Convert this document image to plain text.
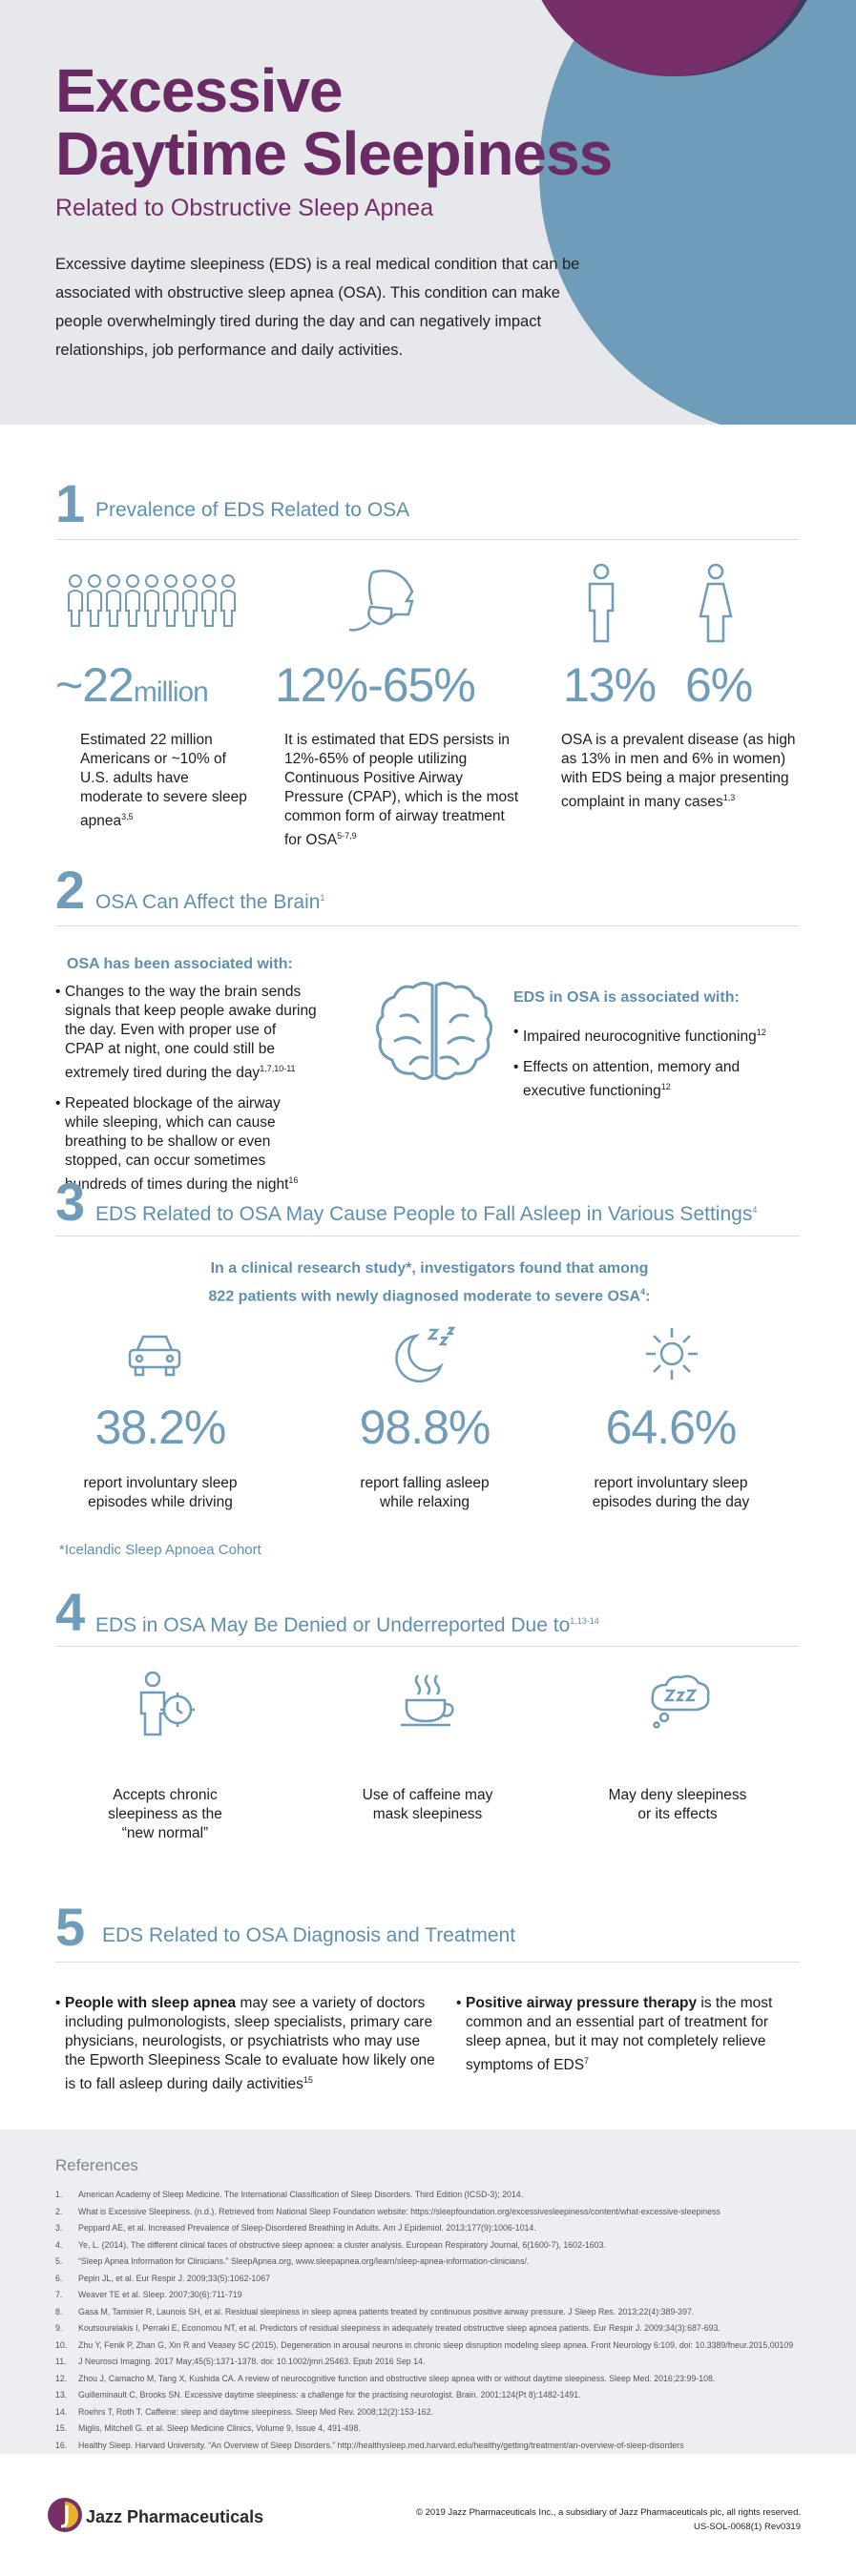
Excessive
Daytime Sleepiness
Related to Obstructive Sleep Apnea

Excessive daytime sleepiness (EDS) is a real medical condition that can be associated with obstructive sleep apnea (OSA). This condition can make people overwhelmingly tired during the day and can negatively impact relationships, job performance and daily activities.

1 Prevalence of EDS Related to OSA
~22million
Estimated 22 million Americans or ~10% of U.S. adults have moderate to severe sleep apnea$^{3,5}$
12%-65%
It is estimated that EDS persists in 12%-65% of people utilizing Continuous Positive Airway Pressure (CPAP), which is the most common form of airway treatment for OSA$^{5-7,9}$
13% 6%
OSA is a prevalent disease (as high as 13% in men and 6% in women) with EDS being a major presenting complaint in many cases$^{1,3}$
2 OSA Can Affect the Brain$^1$
OSA has been associated with:
• Changes to the way the brain sends signals that keep people awake during the day. Even with proper use of CPAP at night, one could still be extremely tired during the day$^{1,7,10-11}$
• Repeated blockage of the airway while sleeping, which can cause breathing to be shallow or even stopped, can occur sometimes hundreds of times during the night$^{16}$
EDS in OSA is associated with:
• Impaired neurocognitive functioning$^{12}$
• Effects on attention, memory and executive functioning$^{12}$
3 EDS Related to OSA May Cause People to Fall Asleep in Various Settings$^4$
In a clinical research study*, investigators found that among
822 patients with newly diagnosed moderate to severe OSA$^4$:
38.2%	98.8%	64.6%
report involuntary sleep episodes while driving
report falling asleep while relaxing
report involuntary sleep episodes during the day
*Icelandic Sleep Apnoea Cohort
4 EDS in OSA May Be Denied or Underreported Due to$^{1,13-14}$
Accepts chronic sleepiness as the “new normal”
Use of caffeine may mask sleepiness
May deny sleepiness or its effects
5 EDS Related to OSA Diagnosis and Treatment
• People with sleep apnea may see a variety of doctors including pulmonologists, sleep specialists, primary care physicians, neurologists, or psychiatrists who may use the Epworth Sleepiness Scale to evaluate how likely one is to fall asleep during daily activities$^{15}$
• Positive airway pressure therapy is the most common and an essential part of treatment for sleep apnea, but it may not completely relieve symptoms of EDS$^7$
References
1. American Academy of Sleep Medicine. The International Classification of Sleep Disorders. Third Edition (ICSD-3); 2014.
2. What is Excessive Sleepiness. (n.d.). Retrieved from National Sleep Foundation website: https://sleepfoundation.org/excessivesleepiness/content/what-excessive-sleepiness
3. Peppard AE, et al. Increased Prevalence of Sleep-Disordered Breathing in Adults. Am J Epidemiol. 2013;177(9):1006-1014.
4. Ye, L. (2014). The different clinical faces of obstructive sleep apnoea: a cluster analysis. European Respiratory Journal, 6(1600-7), 1602-1603.
5. “Sleep Apnea Information for Clinicians.” SleepApnea.org, www.sleepapnea.org/learn/sleep-apnea-information-clinicians/.
6. Pepin JL, et al. Eur Respir J. 2009;33(5):1062-1067
7. Weaver TE et al. Sleep. 2007;30(6):711-719
8. Gasa M, Tamisier R, Launois SH, et al. Residual sleepiness in sleep apnea patients treated by continuous positive airway pressure. J Sleep Res. 2013;22(4):389-397.
9. Koutsourelakis I, Perraki E, Economou NT, et al. Predictors of residual sleepiness in adequately treated obstructive sleep apnoea patients. Eur Respir J. 2009;34(3):687-693.
10. Zhu Y, Fenik P, Zhan G, Xin R and Veasey SC (2015). Degeneration in arousal neurons in chronic sleep disruption modeling sleep apnea. Front Neurology 6:109. doi: 10.3389/fneur.2015.00109
11. J Neurosci Imaging. 2017 May;45(5):1371-1378. doi: 10.1002/jmri.25463. Epub 2016 Sep 14.
12. Zhou J, Camacho M, Tang X, Kushida CA. A review of neurocognitive function and obstructive sleep apnea with or without daytime sleepiness. Sleep Med. 2016;23:99-108.
13. Guilleminault C, Brooks SN. Excessive daytime sleepiness: a challenge for the practising neurologist. Brain. 2001;124(Pt 8):1482-1491.
14. Roehrs T, Roth T. Caffeine: sleep and daytime sleepiness. Sleep Med Rev. 2008;12(2):153-162.
15. Miglis, Mitchell G. et al. Sleep Medicine Clinics, Volume 9, Issue 4, 491-498.
16. Healthy Sleep. Harvard University. “An Overview of Sleep Disorders.” http://healthysleep.med.harvard.edu/healthy/getting/treatment/an-overview-of-sleep-disorders
Jazz Pharmaceuticals	© 2019 Jazz Pharmaceuticals Inc., a subsidiary of Jazz Pharmaceuticals plc, all rights reserved.
US-SOL-0068(1) Rev0319
